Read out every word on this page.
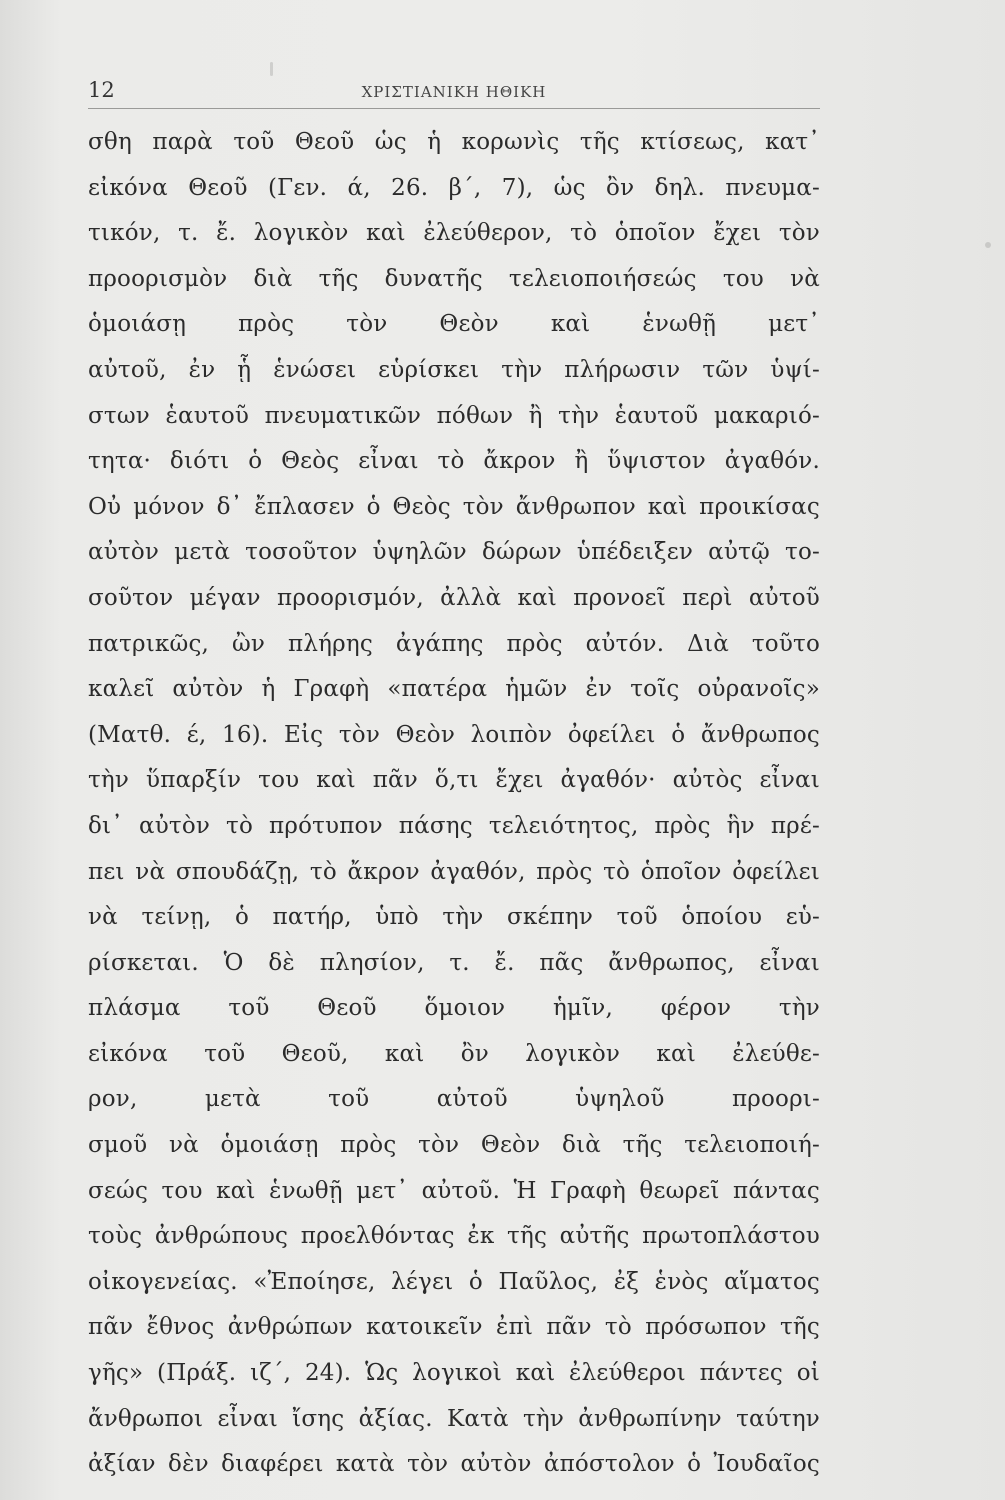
12	ΧΡΙΣΤΙΑΝΙΚΗ ΗΘΙΚΗ
σθη παρὰ τοῦ Θεοῦ ὡς ἡ κορωνὶς τῆς κτίσεως, κατ᾽
εἰκόνα Θεοῦ (Γεν. ά, 26. β΄, 7), ὡς ὂν δηλ. πνευμα-
τικόν, τ. ἔ. λογικὸν καὶ ἐλεύθερον, τὸ ὁποῖον ἔχει τὸν
προορισμὸν διὰ τῆς δυνατῆς τελειοποιήσεώς του νὰ
ὁμοιάσῃ πρὸς τὸν Θεὸν καὶ ἑνωθῇ μετ᾽
αὐτοῦ, ἐν ᾗ ἑνώσει εὑρίσκει τὴν πλήρωσιν τῶν ὑψί-
στων ἑαυτοῦ πνευματικῶν πόθων ἢ τὴν ἑαυτοῦ μακαριό-
τητα· διότι ὁ Θεὸς εἶναι τὸ ἄκρον ἢ ὕψιστον ἀγαθόν.
Οὐ μόνον δ᾽ ἔπλασεν ὁ Θεὸς τὸν ἄνθρωπον καὶ προικίσας
αὐτὸν μετὰ τοσοῦτον ὑψηλῶν δώρων ὑπέδειξεν αὐτῷ το-
σοῦτον μέγαν προορισμόν, ἀλλὰ καὶ προνοεῖ περὶ αὐτοῦ
πατρικῶς, ὢν πλήρης ἀγάπης πρὸς αὐτόν. Διὰ τοῦτο
καλεῖ αὐτὸν ἡ Γραφὴ «πατέρα ἡμῶν ἐν τοῖς οὐρανοῖς»
(Ματθ. έ, 16). Εἰς τὸν Θεὸν λοιπὸν ὀφείλει ὁ ἄνθρωπος
τὴν ὕπαρξίν του καὶ πᾶν ὅ,τι ἔχει ἀγαθόν· αὐτὸς εἶναι
δι᾽ αὐτὸν τὸ πρότυπον πάσης τελειότητος, πρὸς ἣν πρέ-
πει νὰ σπουδάζῃ, τὸ ἄκρον ἀγαθόν, πρὸς τὸ ὁποῖον ὀφείλει
νὰ τείνῃ, ὁ πατήρ, ὑπὸ τὴν σκέπην τοῦ ὁποίου εὑ-
ρίσκεται. Ὁ δὲ πλησίον, τ. ἔ. πᾶς ἄνθρωπος, εἶναι
πλάσμα τοῦ Θεοῦ ὅμοιον ἡμῖν, φέρον τὴν
εἰκόνα τοῦ Θεοῦ, καὶ ὂν λογικὸν καὶ ἐλεύθε-
ρον, μετὰ τοῦ αὐτοῦ ὑψηλοῦ προορι-
σμοῦ νὰ ὁμοιάσῃ πρὸς τὸν Θεὸν διὰ τῆς τελειοποιή-
σεώς του καὶ ἑνωθῇ μετ᾽ αὐτοῦ. Ἡ Γραφὴ θεωρεῖ πάντας
τοὺς ἀνθρώπους προελθόντας ἐκ τῆς αὐτῆς πρωτοπλάστου
οἰκογενείας. «Ἐποίησε, λέγει ὁ Παῦλος, ἐξ ἑνὸς αἵματος
πᾶν ἔθνος ἀνθρώπων κατοικεῖν ἐπὶ πᾶν τὸ πρόσωπον τῆς
γῆς» (Πράξ. ιζ΄, 24). Ὡς λογικοὶ καὶ ἐλεύθεροι πάντες οἱ
ἄνθρωποι εἶναι ἴσης ἀξίας. Κατὰ τὴν ἀνθρωπίνην ταύτην
ἀξίαν δὲν διαφέρει κατὰ τὸν αὐτὸν ἀπόστολον ὁ Ἰουδαῖος
